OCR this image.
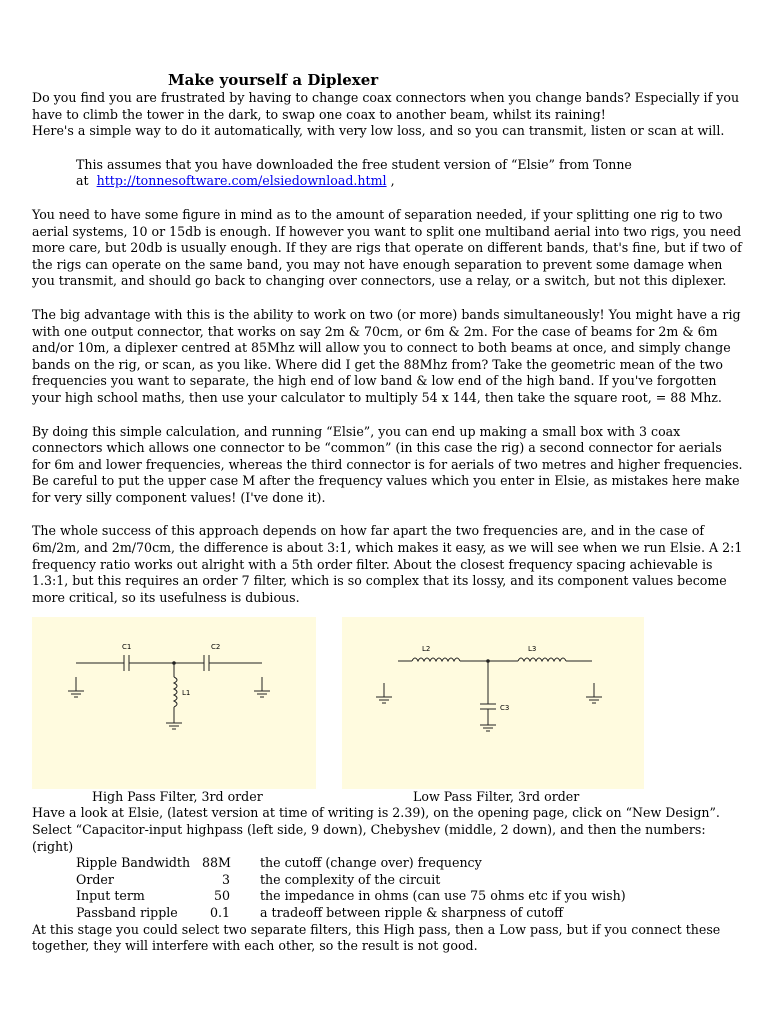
Make yourself a Diplexer

Do you find you are frustrated by having to change coax connectors when you change bands? Especially if you have to climb the tower in the dark, to swap one coax to another beam, whilst its raining!

Here's a simple way to do it automatically, with very low loss, and so you can transmit, listen or scan at will.

This assumes that you have downloaded the free student version of “Elsie” from Tonne

at http://tonnesoftware.com/elsiedownload.html ,

You need to have some figure in mind as to the amount of separation needed, if your splitting one rig to two aerial systems, 10 or 15db is enough. If however you want to split one multiband aerial into two rigs, you need more care, but 20db is usually enough. If they are rigs that operate on different bands, that's fine, but if two of the rigs can operate on the same band, you may not have enough separation to prevent some damage when you transmit, and should go back to changing over connectors, use a relay, or a switch, but not this diplexer.

The big advantage with this is the ability to work on two (or more) bands simultaneously! You might have a rig with one output connector, that works on say 2m & 70cm, or 6m & 2m. For the case of beams for 2m & 6m and/or 10m, a diplexer centred at 85Mhz will allow you to connect to both beams at once, and simply change bands on the rig, or scan, as you like. Where did I get the 88Mhz from? Take the geometric mean of the two frequencies you want to separate, the high end of low band & low end of the high band. If you've forgotten your high school maths, then use your calculator to multiply 54 x 144, then take the square root, = 88 Mhz.

By doing this simple calculation, and running “Elsie”, you can end up making a small box with 3 coax connectors which allows one connector to be “common” (in this case the rig) a second connector for aerials for 6m and lower frequencies, whereas the third connector is for aerials of two metres and higher frequencies. Be careful to put the upper case M after the frequency values which you enter in Elsie, as mistakes here make for very silly component values! (I've done it).

The whole success of this approach depends on how far apart the two frequencies are, and in the case of 6m/2m, and 2m/70cm, the difference is about 3:1, which makes it easy, as we will see when we run Elsie. A 2:1 frequency ratio works out alright with a 5th order filter. About the closest frequency spacing achievable is 1.3:1, but this requires an order 7 filter, which is so complex that its lossy, and its component values become more critical, so its usefulness is dubious.

C1	C2
L1
L2	L3
C3
High Pass Filter, 3rd order	Low Pass Filter, 3rd order

Have a look at Elsie, (latest version at time of writing is 2.39), on the opening page, click on “New Design”.

Select “Capacitor-input highpass (left side, 9 down), Chebyshev (middle, 2 down), and then the numbers: (right)

Ripple Bandwidth 88M	the cutoff (change over) frequency
Order	3	the complexity of the circuit
Input term	50	the impedance in ohms (can use 75 ohms etc if you wish)
Passband ripple	0.1	a tradeoff between ripple & sharpness of cutoff

At this stage you could select two separate filters, this High pass, then a Low pass, but if you connect these together, they will interfere with each other, so the result is not good.
